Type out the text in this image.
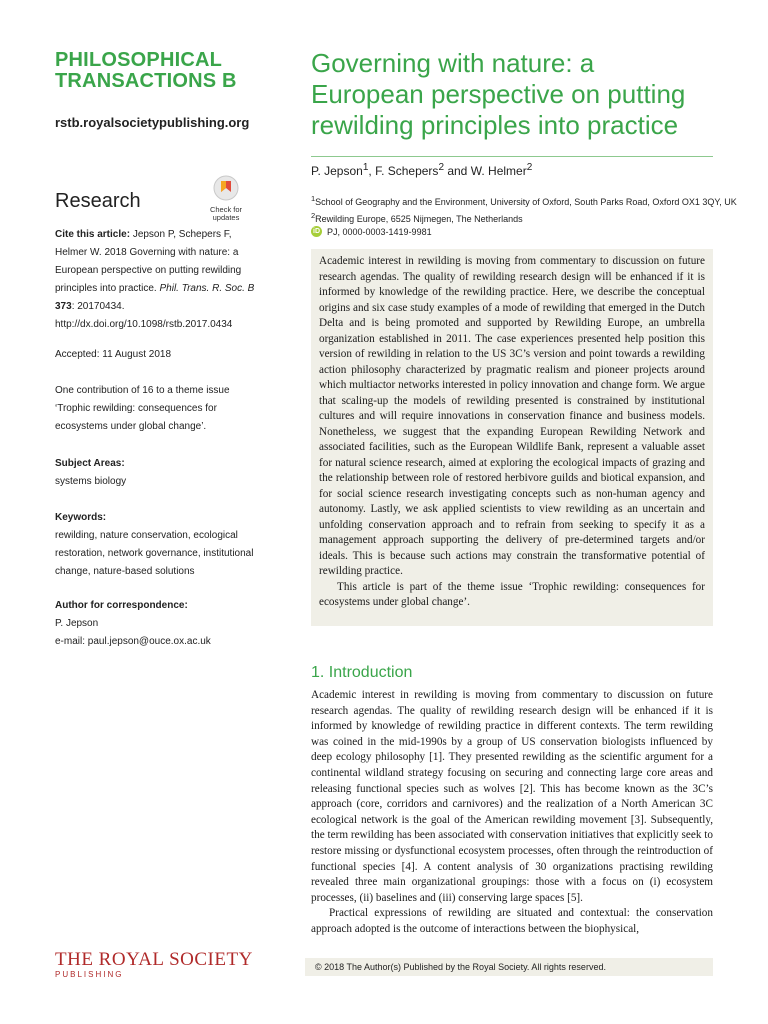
PHILOSOPHICAL
TRANSACTIONS B
rstb.royalsocietypublishing.org
Research	Check for
updates
Cite this article: Jepson P, Schepers F, Helmer W. 2018 Governing with nature: a European perspective on putting rewilding principles into practice. Phil. Trans. R. Soc. B 373: 20170434.
http://dx.doi.org/10.1098/rstb.2017.0434
Accepted: 11 August 2018
One contribution of 16 to a theme issue ‘Trophic rewilding: consequences for ecosystems under global change’.
Subject Areas:
systems biology
Keywords:
rewilding, nature conservation, ecological restoration, network governance, institutional change, nature-based solutions
Author for correspondence:
P. Jepson
e-mail: paul.jepson@ouce.ox.ac.uk
THE ROYAL SOCIETY
PUBLISHING
Governing with nature: a European perspective on putting rewilding principles into practice
P. Jepson$^1$, F. Schepers$^2$ and W. Helmer$^2$
$^1$School of Geography and the Environment, University of Oxford, South Parks Road, Oxford OX1 3QY, UK
$^2$Rewilding Europe, 6525 Nijmegen, The Netherlands
iD PJ, 0000-0003-1419-9981

Academic interest in rewilding is moving from commentary to discussion on future research agendas. The quality of rewilding research design will be enhanced if it is informed by knowledge of the rewilding practice. Here, we describe the conceptual origins and six case study examples of a mode of rewilding that emerged in the Dutch Delta and is being promoted and supported by Rewilding Europe, an umbrella organization established in 2011. The case experiences presented help position this version of rewilding in relation to the US 3C’s version and point towards a rewilding action philosophy characterized by pragmatic realism and pioneer projects around which multiactor networks interested in policy innovation and change form. We argue that scaling-up the models of rewilding presented is constrained by institutional cultures and will require innovations in conservation finance and business models. Nonetheless, we suggest that the expanding European Rewilding Network and associated facilities, such as the European Wildlife Bank, represent a valuable asset for natural science research, aimed at exploring the ecological impacts of grazing and the relationship between role of restored herbivore guilds and biotical expansion, and for social science research investigating concepts such as non-human agency and autonomy. Lastly, we ask applied scientists to view rewilding as an uncertain and unfolding conservation approach and to refrain from seeking to specify it as a management approach supporting the delivery of pre-determined targets and/or ideals. This is because such actions may constrain the transformative potential of rewilding practice.

This article is part of the theme issue ‘Trophic rewilding: consequences for ecosystems under global change’.

1. Introduction

Academic interest in rewilding is moving from commentary to discussion on future research agendas. The quality of rewilding research design will be enhanced if it is informed by knowledge of rewilding practice in different contexts. The term rewilding was coined in the mid-1990s by a group of US conservation biologists influenced by deep ecology philosophy [1]. They presented rewilding as the scientific argument for a continental wildland strategy focusing on securing and connecting large core areas and releasing functional species such as wolves [2]. This has become known as the 3C’s approach (core, corridors and carnivores) and the realization of a North American 3C ecological network is the goal of the American rewilding movement [3]. Subsequently, the term rewilding has been associated with conservation initiatives that explicitly seek to restore missing or dysfunctional ecosystem processes, often through the reintroduction of functional species [4]. A content analysis of 30 organizations practising rewilding revealed three main organizational groupings: those with a focus on (i) ecosystem processes, (ii) baselines and (iii) conserving large spaces [5].

Practical expressions of rewilding are situated and contextual: the conservation approach adopted is the outcome of interactions between the biophysical,

© 2018 The Author(s) Published by the Royal Society. All rights reserved.
